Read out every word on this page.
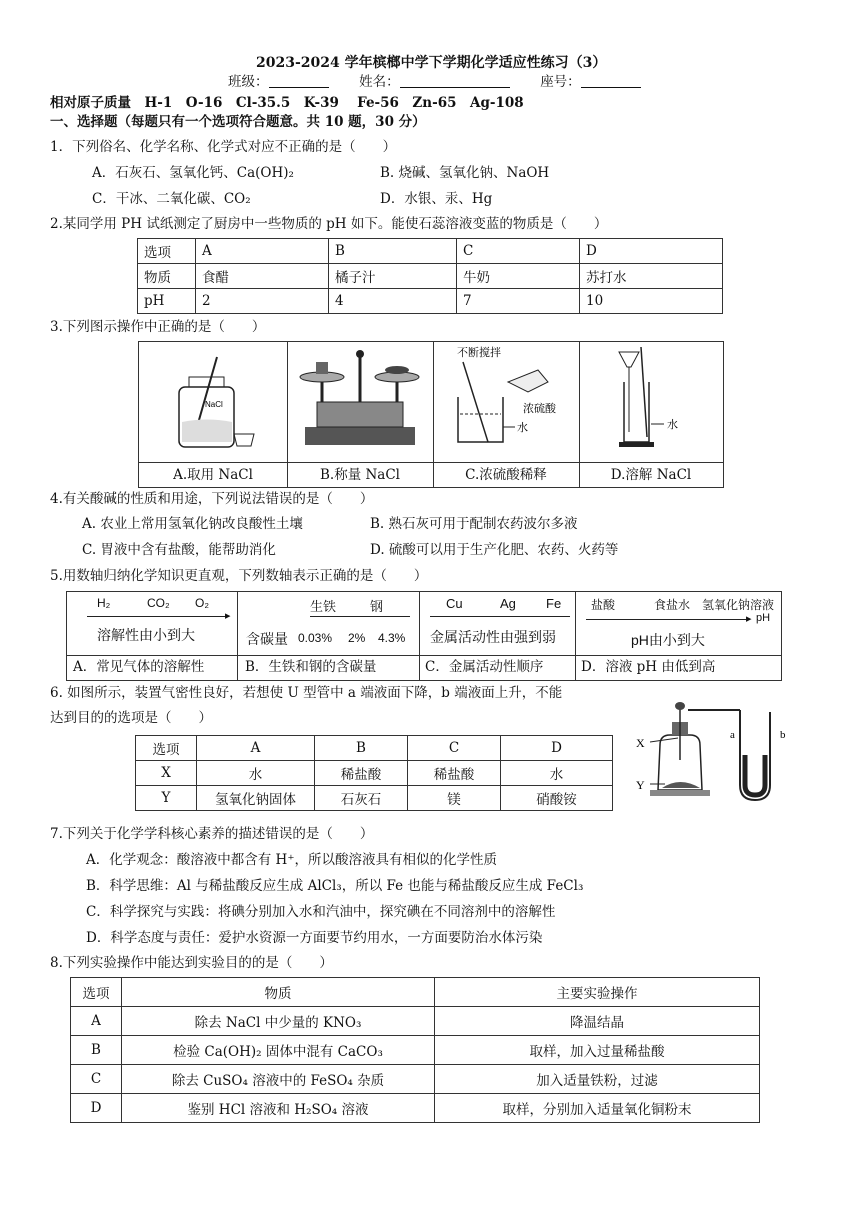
2023-2024 学年槟榔中学下学期化学适应性练习（3）
班级：	姓名：	座号：
相对原子质量　H-1　O-16　Cl-35.5　K-39　 Fe-56　Zn-65　Ag-108
一、选择题（每题只有一个选项符合题意。共 10 题，30 分）
1．下列俗名、化学名称、化学式对应不正确的是（　　）
A．石灰石、氢氧化钙、Ca(OH)₂	B. 烧碱、氢氧化钠、NaOH
C．干冰、二氧化碳、CO₂	D．水银、汞、Hg
2.某同学用 PH 试纸测定了厨房中一些物质的 pH 如下。能使石蕊溶液变蓝的物质是（　　）
选项	A	B	C	D
物质	食醋	橘子汁	牛奶	苏打水
pH	2	4	7	10
3.下列图示操作中正确的是（　　）
NaCl
A.取用 NaCl	B.称量 NaCl
不断搅拌
浓硫酸
水
C.浓硫酸稀释
水
D.溶解 NaCl
4.有关酸碱的性质和用途，下列说法错误的是（　　）
A. 农业上常用氢氧化钠改良酸性土壤	B. 熟石灰可用于配制农药波尔多液
C. 胃液中含有盐酸，能帮助消化	D. 硫酸可以用于生产化肥、农药、火药等
5.用数轴归纳化学知识更直观，下列数轴表示正确的是（　　）
H₂	CO₂ O₂
▸
溶解性由小到大
生铁	钢
含碳量 0.03% 2% 4.3%
Cu	Ag Fe
金属活动性由强到弱
盐酸	食盐水 氢氧化钠溶液
▸ pH
pH由小到大
A．常见气体的溶解性	B．生铁和钢的含碳量	C．金属活动性顺序	D．溶液 pH 由低到高
6. 如图所示，装置气密性良好，若想使 U 型管中 a 端液面下降，b 端液面上升，不能
达到目的的选项是（　　）
选项	A	B	C	D
X	水	稀盐酸	稀盐酸	水
Y	氢氧化钠固体	石灰石	镁	硝酸铵
X
Y
a	b
7.下列关于化学学科核心素养的描述错误的是（　　）
A．化学观念：酸溶液中都含有 H⁺，所以酸溶液具有相似的化学性质
B．科学思维：Al 与稀盐酸反应生成 AlCl₃，所以 Fe 也能与稀盐酸反应生成 FeCl₃
C．科学探究与实践：将碘分别加入水和汽油中，探究碘在不同溶剂中的溶解性
D．科学态度与责任：爱护水资源一方面要节约用水，一方面要防治水体污染
8.下列实验操作中能达到实验目的的是（　　）
选项	物质	主要实验操作
A	除去 NaCl 中少量的 KNO₃	降温结晶
B	检验 Ca(OH)₂ 固体中混有 CaCO₃	取样，加入过量稀盐酸
C	除去 CuSO₄ 溶液中的 FeSO₄ 杂质	加入适量铁粉，过滤
D	鉴别 HCl 溶液和 H₂SO₄ 溶液	取样，分别加入适量氧化铜粉末
